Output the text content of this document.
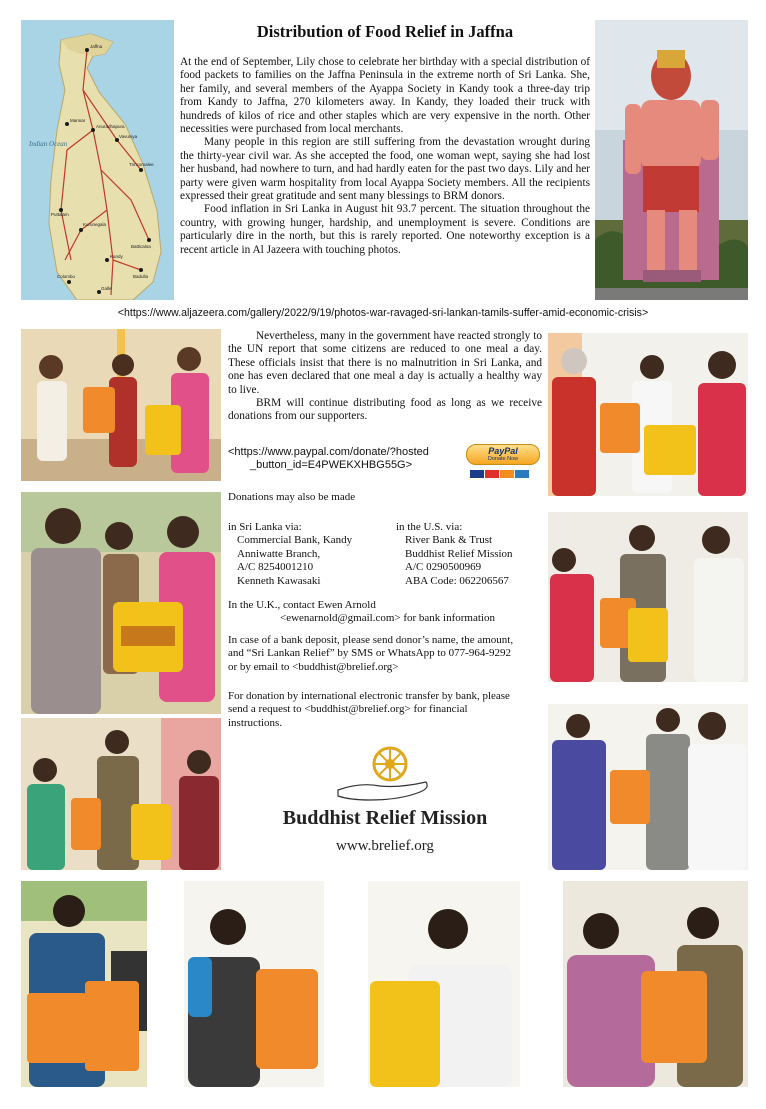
Indian Ocean
Jaffna
Mannar
Vavuniya
Trincomalee
Anuradhapura
Puttalam
Batticaloa
Kurunegala
Kandy
Colombo	Badulla
Galle
Distribution of Food Relief in Jaffna

At the end of September, Lily chose to celebrate her birthday with a special distribution of food packets to families on the Jaffna Peninsula in the extreme north of Sri Lanka. She, her family, and several members of the Ayappa Society in Kandy took a three-day trip from Kandy to Jaffna, 270 kilometers away. In Kandy, they loaded their truck with hundreds of kilos of rice and other staples which are very expensive in the north. Other necessities were purchased from local merchants.

Many people in this region are still suffering from the devastation wrought during the thirty-year civil war. As she accepted the food, one woman wept, saying she had lost her husband, had nowhere to turn, and had hardly eaten for the past two days. Lily and her party were given warm hospitality from local Ayappa Society members. All the recipients expressed their great gratitude and sent many blessings to BRM donors.

Food inflation in Sri Lanka in August hit 93.7 percent. The situation throughout the country, with growing hunger, hardship, and unemployment is severe. Conditions are particularly dire in the north, but this is rarely reported. One noteworthy exception is a recent article in Al Jazeera with touching photos.

<https://www.aljazeera.com/gallery/2022/9/19/photos-war-ravaged-sri-lankan-tamils-suffer-amid-economic-crisis>

Nevertheless, many in the government have reacted strongly to the UN report that some citizens are reduced to one meal a day. These officials insist that there is no malnutrition in Sri Lanka, and one has even declared that one meal a day is actually a healthy way to live.

BRM will continue distributing food as long as we receive donations from our supporters.

<https://www.paypal.com/donate/?hosted
_button_id=E4PWEKXHBG55G>
PayPal
Donate Now
Donations may also be made
in Sri Lanka via:
Commercial Bank, Kandy
Anniwatte Branch,
A/C 8254001210
Kenneth Kawasaki
in the U.S. via:
River Bank & Trust
Buddhist Relief Mission
A/C 0290500969
ABA Code: 062206567
In the U.K., contact Ewen Arnold
<ewenarnold@gmail.com> for bank information
In case of a bank deposit, please send donor’s name, the amount, and “Sri Lankan Relief” by SMS or WhatsApp to 077-964-9292 or by email to <buddhist@brelief.org>
For donation by international electronic transfer by bank, please send a request to <buddhist@brelief.org> for financial instructions.
Buddhist Relief Mission
www.brelief.org
